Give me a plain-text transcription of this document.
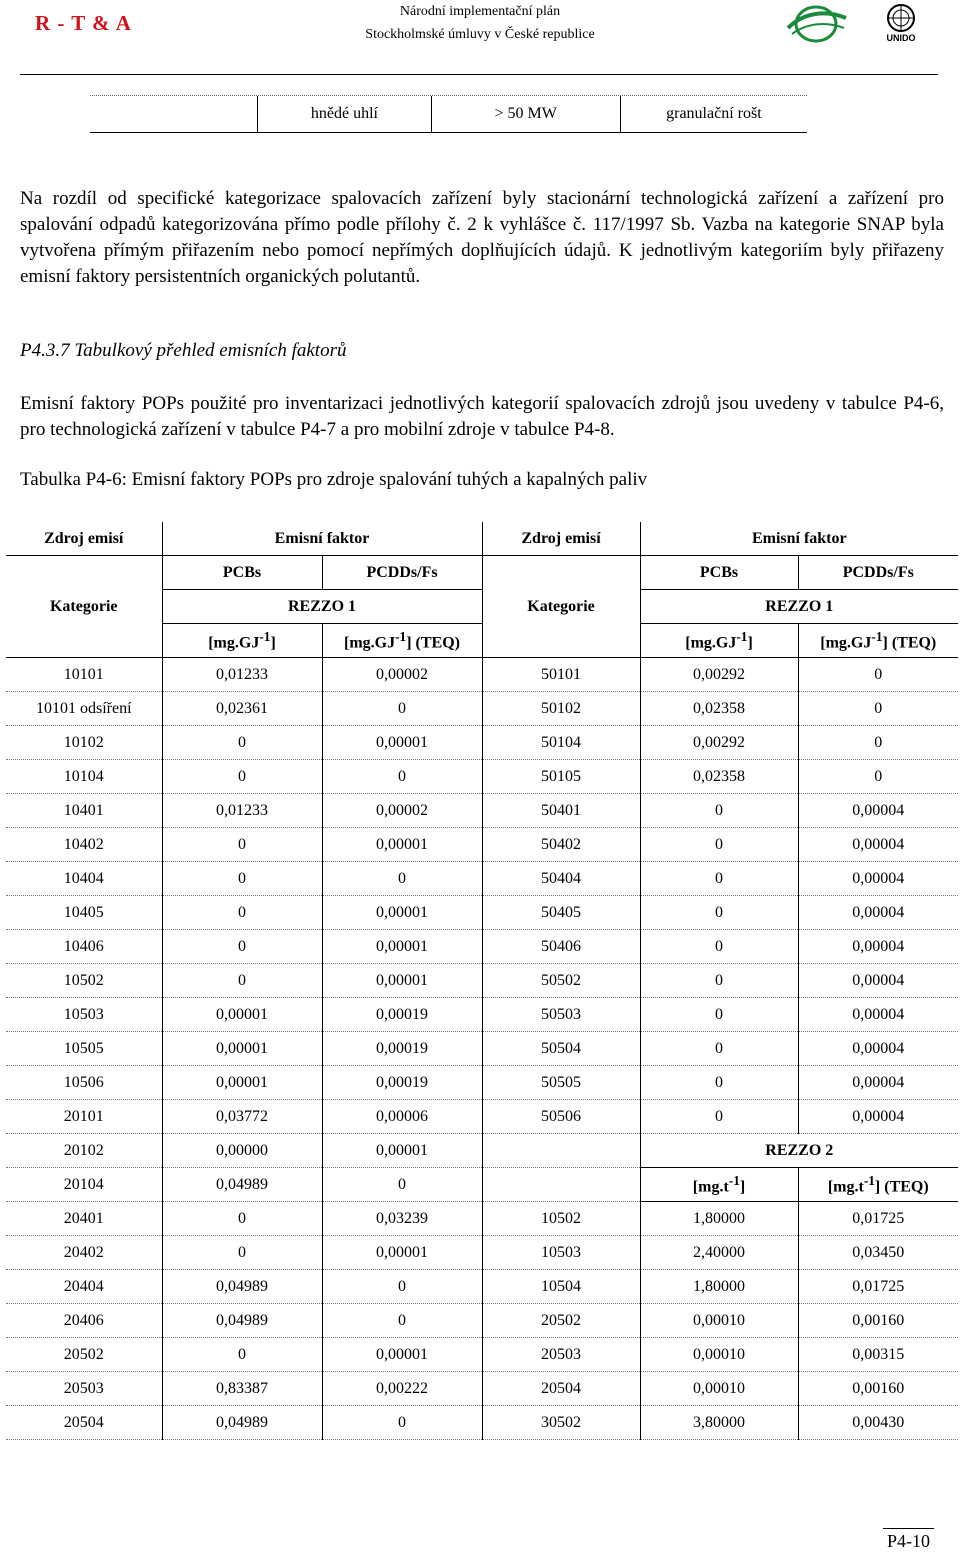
R - T & A	Národní implementační plán
Stockholmské úmluvy v České republice	UNIDO
hnědé uhlí	> 50 MW	granulační rošt

Na rozdíl od specifické kategorizace spalovacích zařízení byly stacionární technologická zařízení a zařízení pro spalování odpadů kategorizována přímo podle přílohy č. 2 k vyhlášce č. 117/1997 Sb. Vazba na kategorie SNAP byla vytvořena přímým přiřazením nebo pomocí nepřímých doplňujících údajů. K jednotlivým kategoriím byly přiřazeny emisní faktory persistentních organických polutantů.

P4.3.7 Tabulkový přehled emisních faktorů

Emisní faktory POPs použité pro inventarizaci jednotlivých kategorií spalovacích zdrojů jsou uvedeny v tabulce P4-6, pro technologická zařízení v tabulce P4-7 a pro mobilní zdroje v tabulce P4-8.

Tabulka P4-6: Emisní faktory POPs pro zdroje spalování tuhých a kapalných paliv
Zdroj emisí	Emisní faktor		Zdroj emisí	Emisní faktor	
Kategorie	PCBs	PCDDs/Fs	Kategorie	PCBs	PCDDs/Fs
	REZZO 1			REZZO 1	
	$[mg.GJ^{-1}]$	$[mg.GJ^{-1}]$ (TEQ)		$[mg.GJ^{-1}]$	$[mg.GJ^{-1}]$ (TEQ)
10101	0,01233	0,00002	50101	0,00292	0
10101 odsíření	0,02361	0	50102	0,02358	0
10102	0	0,00001	50104	0,00292	0
10104	0	0	50105	0,02358	0
10401	0,01233	0,00002	50401	0	0,00004
10402	0	0,00001	50402	0	0,00004
10404	0	0	50404	0	0,00004
10405	0	0,00001	50405	0	0,00004
10406	0	0,00001	50406	0	0,00004
10502	0	0,00001	50502	0	0,00004
10503	0,00001	0,00019	50503	0	0,00004
10505	0,00001	0,00019	50504	0	0,00004
10506	0,00001	0,00019	50505	0	0,00004
20101	0,03772	0,00006	50506	0	0,00004
20102	0,00000	0,00001		REZZO 2	
20104	0,04989	0		$[mg.t^{-1}]$	$[mg.t^{-1}]$ (TEQ)
20401	0	0,03239	10502	1,80000	0,01725
20402	0	0,00001	10503	2,40000	0,03450
20404	0,04989	0	10504	1,80000	0,01725
20406	0,04989	0	20502	0,00010	0,00160
20502	0	0,00001	20503	0,00010	0,00315
20503	0,83387	0,00222	20504	0,00010	0,00160
20504	0,04989	0	30502	3,80000	0,00430
P4-10
